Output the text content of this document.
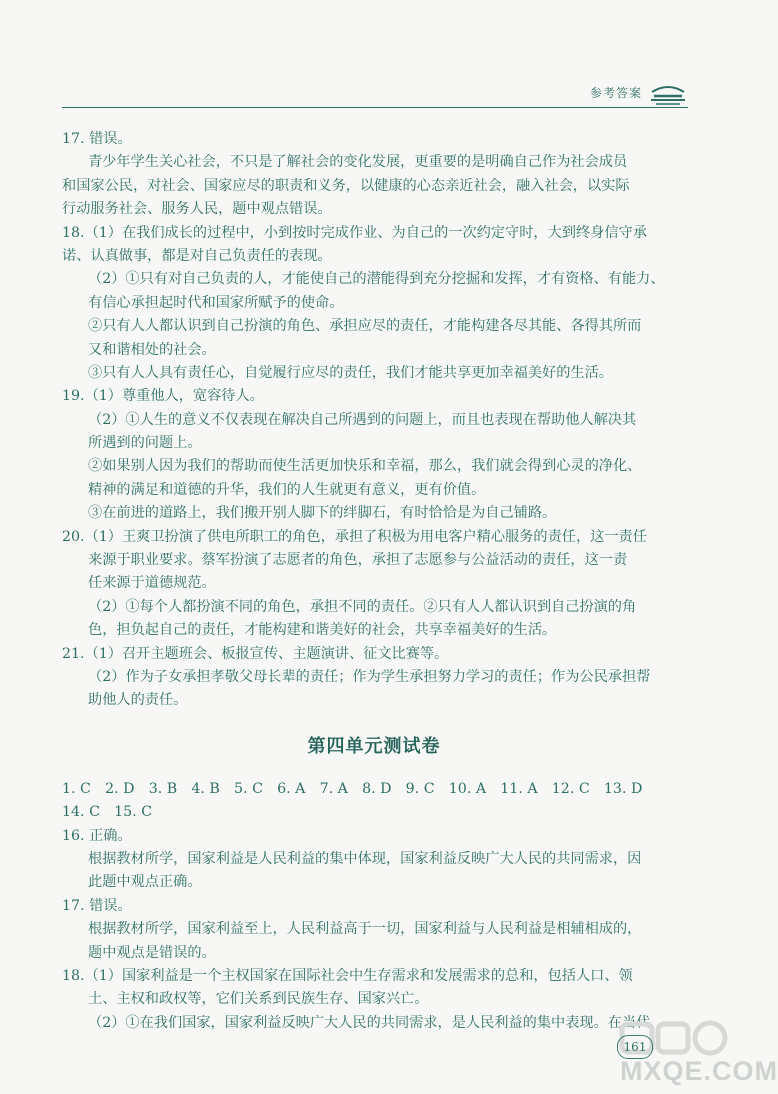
参考答案
17. 错误。
青少年学生关心社会，不只是了解社会的变化发展，更重要的是明确自己作为社会成员
和国家公民，对社会、国家应尽的职责和义务，以健康的心态亲近社会，融入社会，以实际
行动服务社会、服务人民，题中观点错误。
18.（1）在我们成长的过程中，小到按时完成作业、为自己的一次约定守时，大到终身信守承
诺、认真做事，都是对自己负责任的表现。
（2）①只有对自己负责的人，才能使自己的潜能得到充分挖掘和发挥，才有资格、有能力、
有信心承担起时代和国家所赋予的使命。
②只有人人都认识到自己扮演的角色、承担应尽的责任，才能构建各尽其能、各得其所而
又和谐相处的社会。
③只有人人具有责任心，自觉履行应尽的责任，我们才能共享更加幸福美好的生活。
19.（1）尊重他人，宽容待人。
（2）①人生的意义不仅表现在解决自己所遇到的问题上，而且也表现在帮助他人解决其
所遇到的问题上。
②如果别人因为我们的帮助而使生活更加快乐和幸福，那么，我们就会得到心灵的净化、
精神的满足和道德的升华，我们的人生就更有意义，更有价值。
③在前进的道路上，我们搬开别人脚下的绊脚石，有时恰恰是为自己铺路。
20.（1）王爽卫扮演了供电所职工的角色，承担了积极为用电客户精心服务的责任，这一责任
来源于职业要求。蔡军扮演了志愿者的角色，承担了志愿参与公益活动的责任，这一责
任来源于道德规范。
（2）①每个人都扮演不同的角色，承担不同的责任。②只有人人都认识到自己扮演的角
色，担负起自己的责任，才能构建和谐美好的社会，共享幸福美好的生活。
21.（1）召开主题班会、板报宣传、主题演讲、征文比赛等。
（2）作为子女承担孝敬父母长辈的责任；作为学生承担努力学习的责任；作为公民承担帮
助他人的责任。
第四单元测试卷
1. C　2. D　3. B　4. B　5. C　6. A　7. A　8. D　9. C　10. A　11. A　12. C　13. D
14. C　15. C
16. 正确。
根据教材所学，国家利益是人民利益的集中体现，国家利益反映广大人民的共同需求，因
此题中观点正确。
17. 错误。
根据教材所学，国家利益至上，人民利益高于一切，国家利益与人民利益是相辅相成的，
题中观点是错误的。
18.（1）国家利益是一个主权国家在国际社会中生存需求和发展需求的总和，包括人口、领
土、主权和政权等，它们关系到民族生存、国家兴亡。
（2）①在我们国家，国家利益反映广大人民的共同需求，是人民利益的集中表现。在当代
MXQE.COM
161
